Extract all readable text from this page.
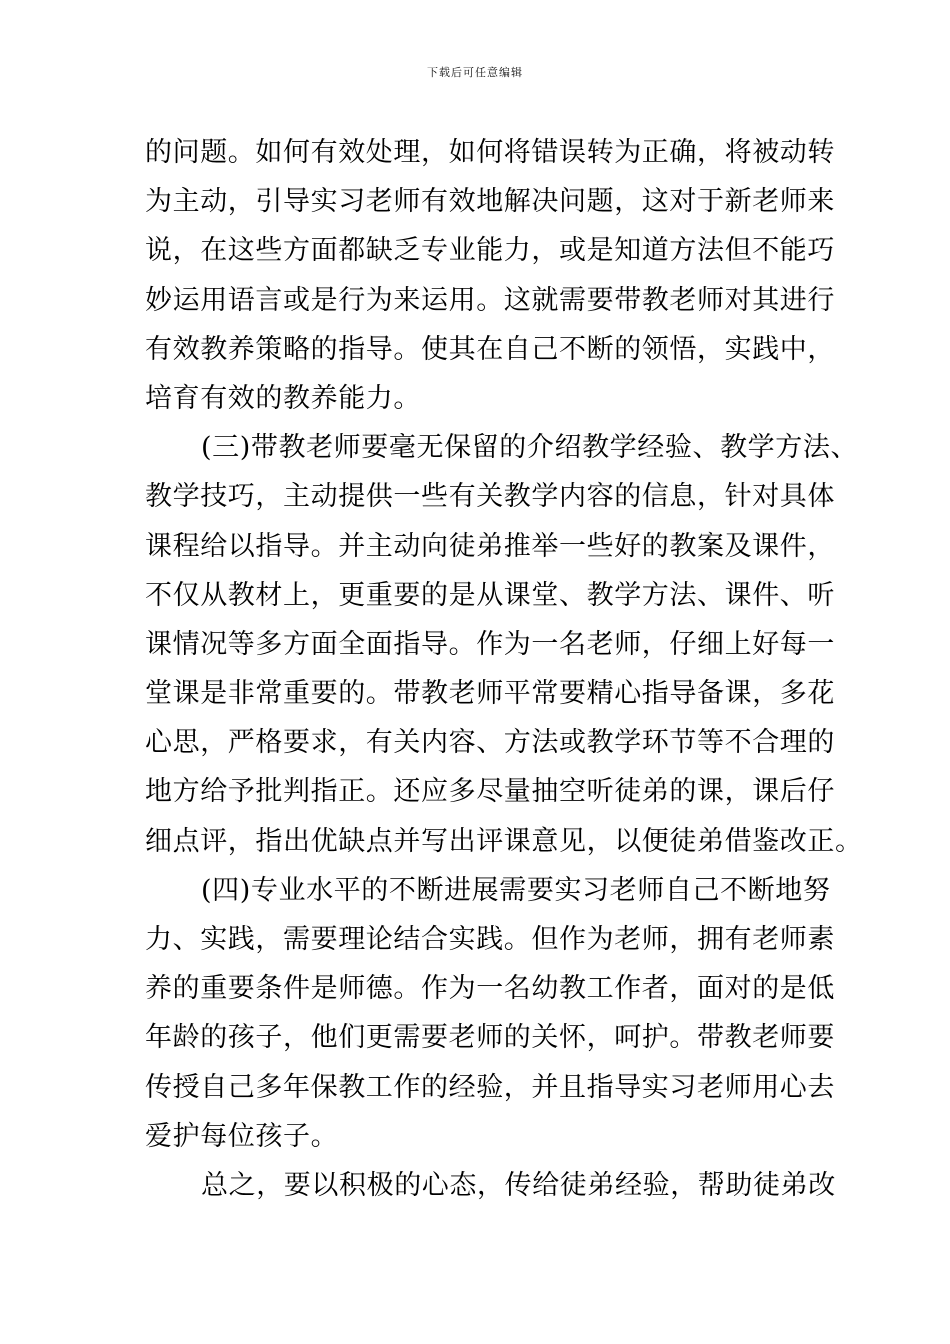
下载后可任意编辑
的问题。如何有效处理，如何将错误转为正确，将被动转
为主动，引导实习老师有效地解决问题，这对于新老师来
说，在这些方面都缺乏专业能力，或是知道方法但不能巧
妙运用语言或是行为来运用。这就需要带教老师对其进行
有效教养策略的指导。使其在自己不断的领悟，实践中，
培育有效的教养能力。
(三)带教老师要毫无保留的介绍教学经验、教学方法、
教学技巧，主动提供一些有关教学内容的信息，针对具体
课程给以指导。并主动向徒弟推举一些好的教案及课件，
不仅从教材上，更重要的是从课堂、教学方法、课件、听
课情况等多方面全面指导。作为一名老师，仔细上好每一
堂课是非常重要的。带教老师平常要精心指导备课，多花
心思，严格要求，有关内容、方法或教学环节等不合理的
地方给予批判指正。还应多尽量抽空听徒弟的课，课后仔
细点评，指出优缺点并写出评课意见，以便徒弟借鉴改正。
(四)专业水平的不断进展需要实习老师自己不断地努
力、实践，需要理论结合实践。但作为老师，拥有老师素
养的重要条件是师德。作为一名幼教工作者，面对的是低
年龄的孩子，他们更需要老师的关怀，呵护。带教老师要
传授自己多年保教工作的经验，并且指导实习老师用心去
爱护每位孩子。
总之，要以积极的心态，传给徒弟经验，帮助徒弟改
